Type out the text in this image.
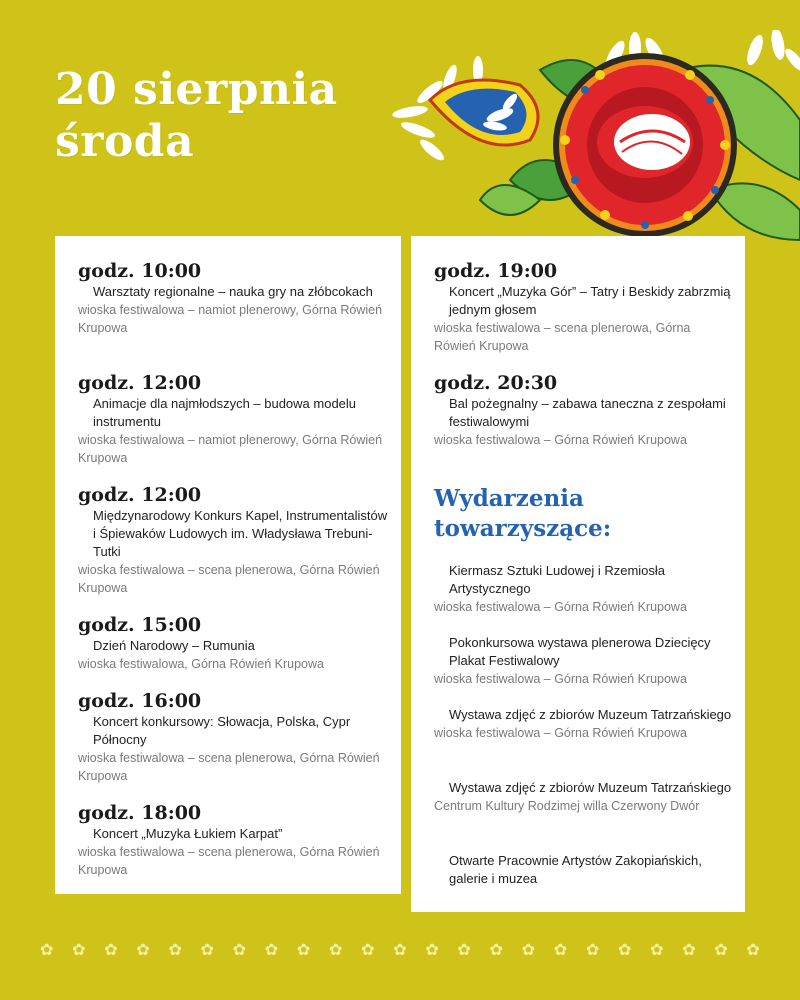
20 sierpnia
środa
godz. 10:00
Warsztaty regionalne – nauka gry na złóbcokach
wioska festiwalowa – namiot plenerowy, Górna Rówień Krupowa
godz. 12:00
Animacje dla najmłodszych – budowa modelu instrumentu
wioska festiwalowa – namiot plenerowy, Górna Rówień Krupowa
godz. 12:00
Międzynarodowy Konkurs Kapel, Instrumentalistów i Śpiewaków Ludowych im. Władysława Trebuni-Tutki
wioska festiwalowa – scena plenerowa, Górna Rówień Krupowa
godz. 15:00
Dzień Narodowy – Rumunia
wioska festiwalowa, Górna Rówień Krupowa
godz. 16:00
Koncert konkursowy: Słowacja, Polska, Cypr Północny
wioska festiwalowa – scena plenerowa, Górna Rówień Krupowa
godz. 18:00
Koncert „Muzyka Łukiem Karpat”
wioska festiwalowa – scena plenerowa, Górna Rówień Krupowa
godz. 19:00
Koncert „Muzyka Gór” – Tatry i Beskidy zabrzmią jednym głosem
wioska festiwalowa – scena plenerowa, Górna Rówień Krupowa
godz. 20:30
Bal pożegnalny – zabawa taneczna z zespołami festiwalowymi
wioska festiwalowa – Górna Rówień Krupowa
Wydarzenia
towarzyszące:
Kiermasz Sztuki Ludowej i Rzemiosła Artystycznego
wioska festiwalowa – Górna Rówień Krupowa
Pokonkursowa wystawa plenerowa Dziecięcy Plakat Festiwalowy
wioska festiwalowa – Górna Rówień Krupowa
Wystawa zdjęć z zbiorów Muzeum Tatrzańskiego
wioska festiwalowa – Górna Rówień Krupowa
Wystawa zdjęć z zbiorów Muzeum Tatrzańskiego
Centrum Kultury Rodzimej willa Czerwony Dwór
Otwarte Pracownie Artystów Zakopiańskich, galerie i muzea
✿ ✿ ✿ ✿ ✿ ✿ ✿ ✿ ✿ ✿ ✿ ✿ ✿ ✿ ✿ ✿ ✿ ✿ ✿ ✿ ✿ ✿ ✿
